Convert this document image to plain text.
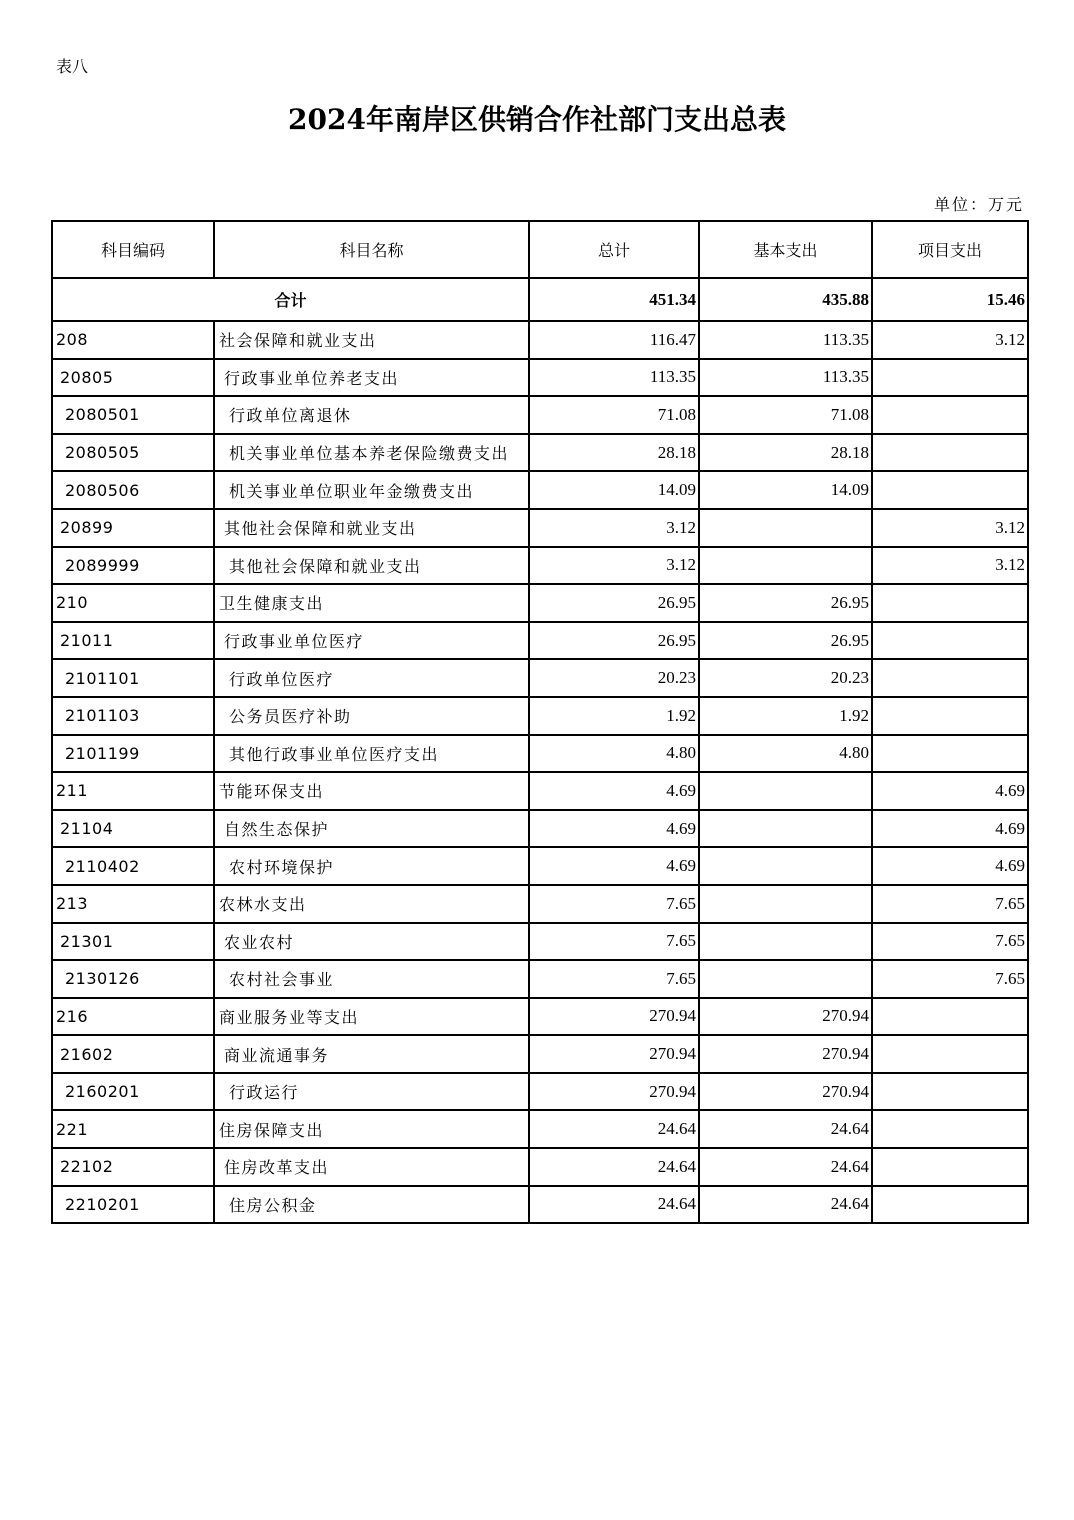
表八
2024年南岸区供销合作社部门支出总表
单位：万元
科目编码	科目名称	总计	基本支出	项目支出
合计		451.34	435.88	15.46
208	社会保障和就业支出	116.47	113.35	3.12
20805	行政事业单位养老支出	113.35	113.35	
2080501	行政单位离退休	71.08	71.08	
2080505	机关事业单位基本养老保险缴费支出	28.18	28.18	
2080506	机关事业单位职业年金缴费支出	14.09	14.09	
20899	其他社会保障和就业支出	3.12		3.12
2089999	其他社会保障和就业支出	3.12		3.12
210	卫生健康支出	26.95	26.95	
21011	行政事业单位医疗	26.95	26.95	
2101101	行政单位医疗	20.23	20.23	
2101103	公务员医疗补助	1.92	1.92	
2101199	其他行政事业单位医疗支出	4.80	4.80	
211	节能环保支出	4.69		4.69
21104	自然生态保护	4.69		4.69
2110402	农村环境保护	4.69		4.69
213	农林水支出	7.65		7.65
21301	农业农村	7.65		7.65
2130126	农村社会事业	7.65		7.65
216	商业服务业等支出	270.94	270.94	
21602	商业流通事务	270.94	270.94	
2160201	行政运行	270.94	270.94	
221	住房保障支出	24.64	24.64	
22102	住房改革支出	24.64	24.64	
2210201	住房公积金	24.64	24.64	
